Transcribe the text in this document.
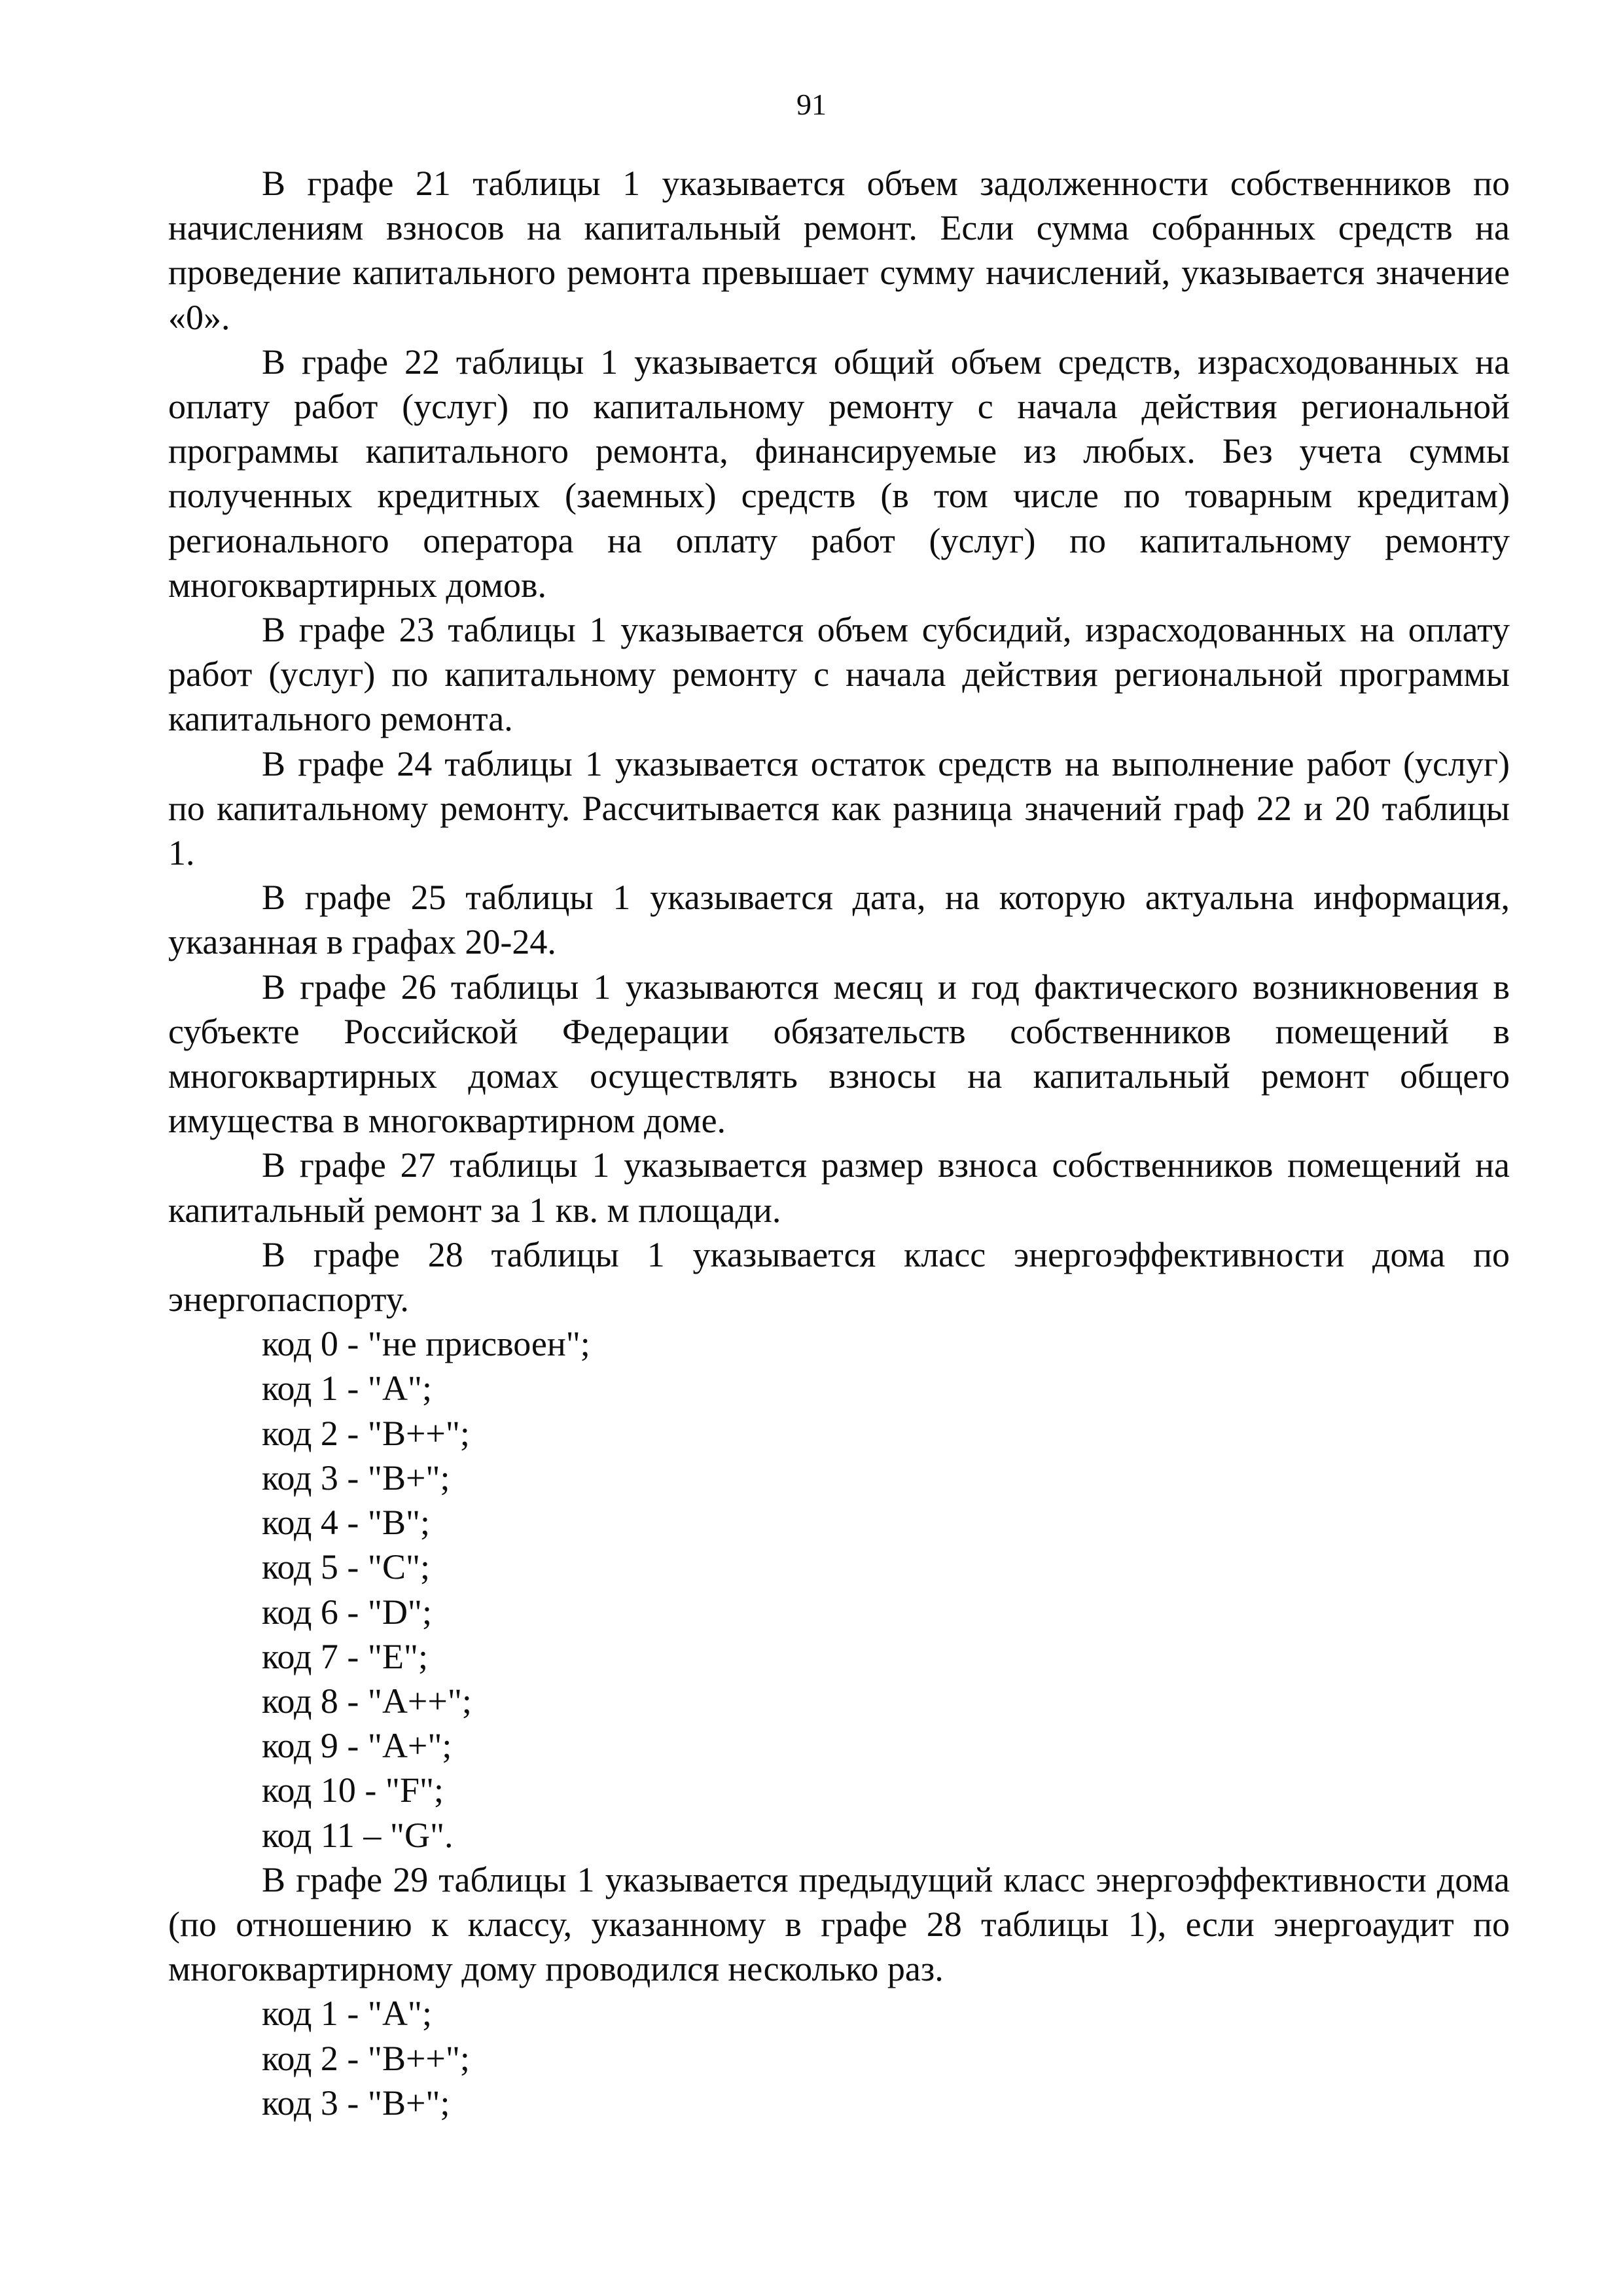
91

В графе 21 таблицы 1 указывается объем задолженности собственников по начислениям взносов на капитальный ремонт. Если сумма собранных средств на проведение капитального ремонта превышает сумму начислений, указывается значение «0».

В графе 22 таблицы 1 указывается общий объем средств, израсходованных на оплату работ (услуг) по капитальному ремонту с начала действия региональной программы капитального ремонта, финансируемые из любых. Без учета суммы полученных кредитных (заемных) средств (в том числе по товарным кредитам) регионального оператора на оплату работ (услуг) по капитальному ремонту многоквартирных домов.

В графе 23 таблицы 1 указывается объем субсидий, израсходованных на оплату работ (услуг) по капитальному ремонту с начала действия региональной программы капитального ремонта.

В графе 24 таблицы 1 указывается остаток средств на выполнение работ (услуг) по капитальному ремонту. Рассчитывается как разница значений граф 22 и 20 таблицы 1.

В графе 25 таблицы 1 указывается дата, на которую актуальна информация, указанная в графах 20-24.

В графе 26 таблицы 1 указываются месяц и год фактического возникновения в субъекте Российской Федерации обязательств собственников помещений в многоквартирных домах осуществлять взносы на капитальный ремонт общего имущества в многоквартирном доме.

В графе 27 таблицы 1 указывается размер взноса собственников помещений на капитальный ремонт за 1 кв. м площади.

В графе 28 таблицы 1 указывается класс энергоэффективности дома по энергопаспорту.

код 0 - "не присвоен";

код 1 - "А";

код 2 - "В++";

код 3 - "В+";

код 4 - "В";

код 5 - "С";

код 6 - "D";

код 7 - "Е";

код 8 - "А++";

код 9 - "А+";

код 10 - "F";

код 11 – "G".

В графе 29 таблицы 1 указывается предыдущий класс энергоэффективности дома (по отношению к классу, указанному в графе 28 таблицы 1), если энергоаудит по многоквартирному дому проводился несколько раз.

код 1 - "А";

код 2 - "В++";

код 3 - "В+";
